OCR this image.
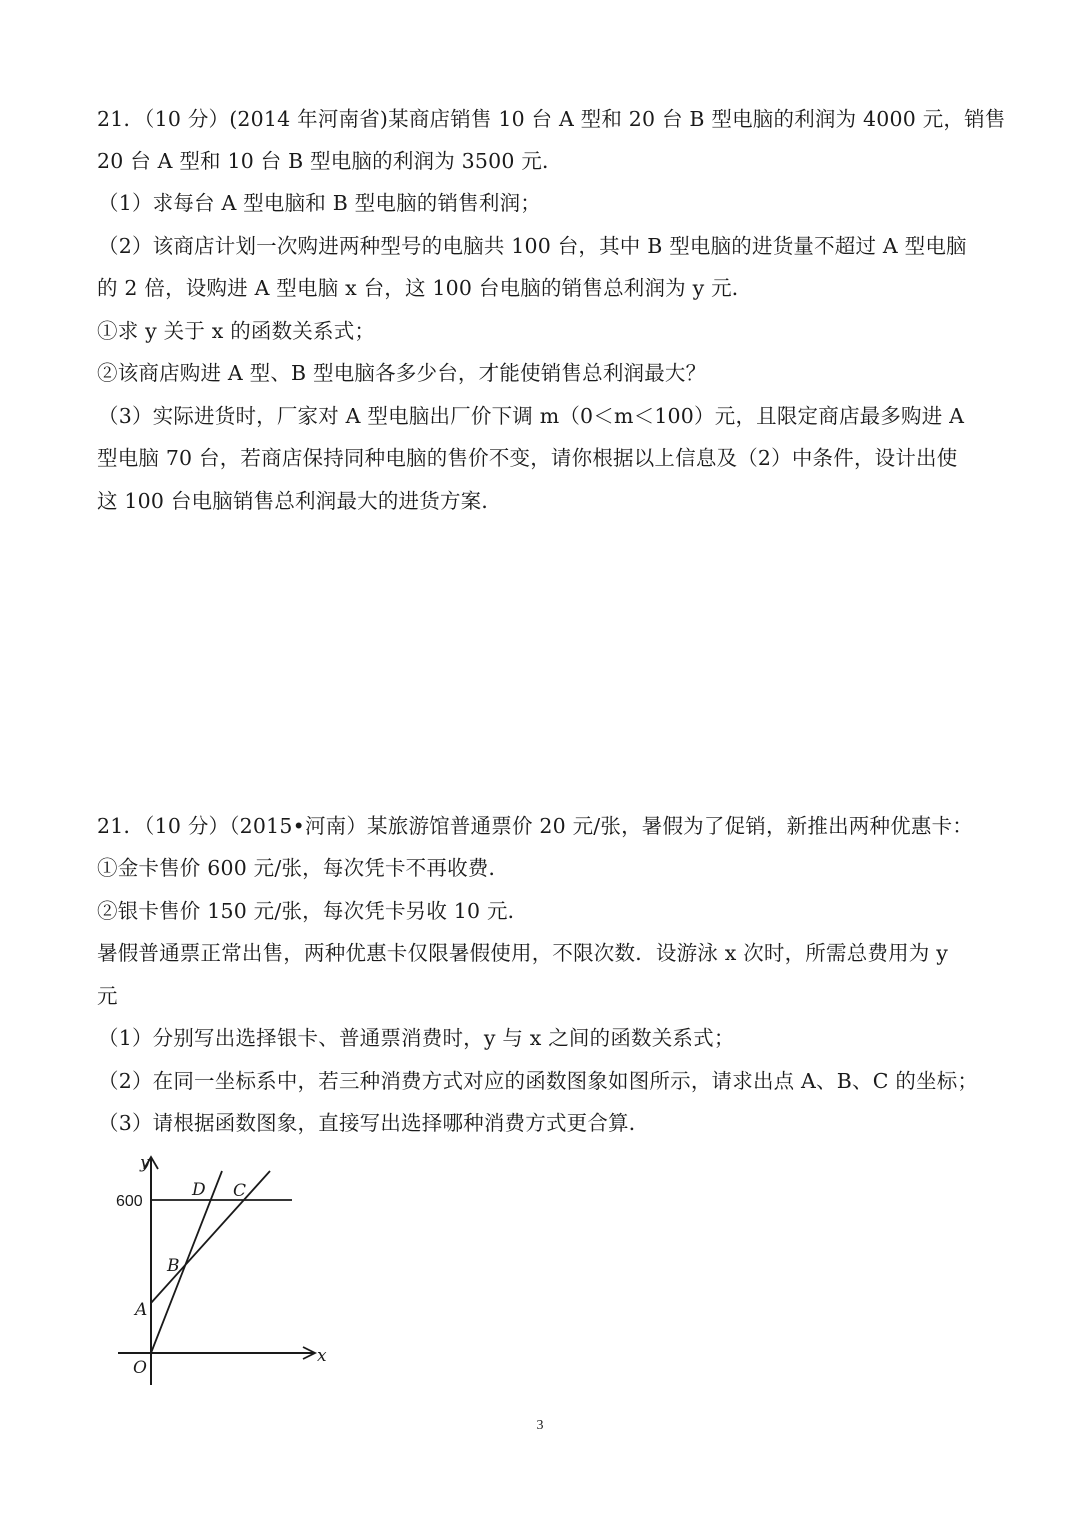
21．（10 分）(2014 年河南省)某商店销售 10 台 A 型和 20 台 B 型电脑的利润为 4000 元，销售
20 台 A 型和 10 台 B 型电脑的利润为 3500 元．
（1）求每台 A 型电脑和 B 型电脑的销售利润；
（2）该商店计划一次购进两种型号的电脑共 100 台，其中 B 型电脑的进货量不超过 A 型电脑
的 2 倍，设购进 A 型电脑 x 台，这 100 台电脑的销售总利润为 y 元．
①求 y 关于 x 的函数关系式；
②该商店购进 A 型、B 型电脑各多少台，才能使销售总利润最大？
（3）实际进货时，厂家对 A 型电脑出厂价下调 m（0＜m＜100）元，且限定商店最多购进 A
型电脑 70 台，若商店保持同种电脑的售价不变，请你根据以上信息及（2）中条件，设计出使
这 100 台电脑销售总利润最大的进货方案．
21．（10 分）（2015•河南）某旅游馆普通票价 20 元/张，暑假为了促销，新推出两种优惠卡：
①金卡售价 600 元/张，每次凭卡不再收费．
②银卡售价 150 元/张，每次凭卡另收 10 元．
暑假普通票正常出售，两种优惠卡仅限暑假使用，不限次数．设游泳 x 次时，所需总费用为 y
元
（1）分别写出选择银卡、普通票消费时，y 与 x 之间的函数关系式；
（2）在同一坐标系中，若三种消费方式对应的函数图象如图所示，请求出点 A、B、C 的坐标；
（3）请根据函数图象，直接写出选择哪种消费方式更合算．
y
x
O
600
A
B
C
D
3
